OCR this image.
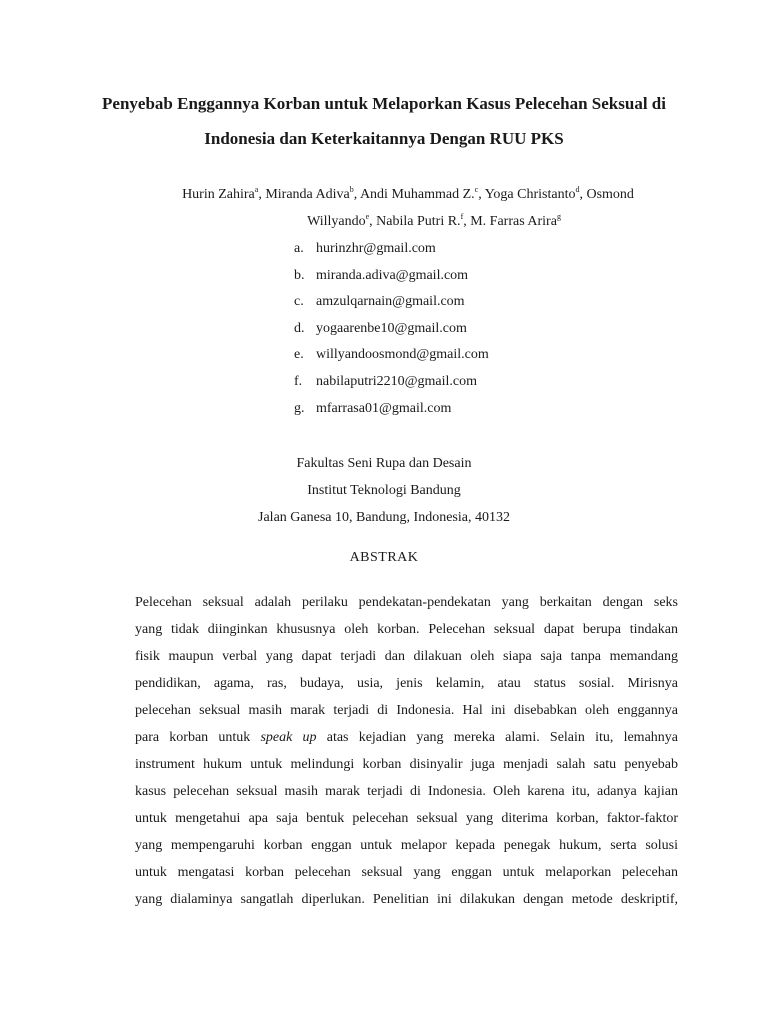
Penyebab Enggannya Korban untuk Melaporkan Kasus Pelecehan Seksual di
Indonesia dan Keterkaitannya Dengan RUU PKS
Hurin Zahira$^a$, Miranda Adiva$^b$, Andi Muhammad Z.$^c$, Yoga Christanto$^d$, Osmond
Willyando$^e$, Nabila Putri R.$^f$, M. Farras Arira$^g$
a. hurinzhr@gmail.com
b. miranda.adiva@gmail.com
c. amzulqarnain@gmail.com
d. yogaarenbe10@gmail.com
e. willyandoosmond@gmail.com
f. nabilaputri2210@gmail.com
g. mfarrasa01@gmail.com
Fakultas Seni Rupa dan Desain
Institut Teknologi Bandung
Jalan Ganesa 10, Bandung, Indonesia, 40132
ABSTRAK
Pelecehan seksual adalah perilaku pendekatan-pendekatan yang berkaitan dengan seks
yang tidak diinginkan khususnya oleh korban. Pelecehan seksual dapat berupa tindakan
fisik maupun verbal yang dapat terjadi dan dilakuan oleh siapa saja tanpa memandang
pendidikan, agama, ras, budaya, usia, jenis kelamin, atau status sosial. Mirisnya
pelecehan seksual masih marak terjadi di Indonesia. Hal ini disebabkan oleh enggannya
para korban untuk speak up atas kejadian yang mereka alami. Selain itu, lemahnya
instrument hukum untuk melindungi korban disinyalir juga menjadi salah satu penyebab
kasus pelecehan seksual masih marak terjadi di Indonesia. Oleh karena itu, adanya kajian
untuk mengetahui apa saja bentuk pelecehan seksual yang diterima korban, faktor-faktor
yang mempengaruhi korban enggan untuk melapor kepada penegak hukum, serta solusi
untuk mengatasi korban pelecehan seksual yang enggan untuk melaporkan pelecehan
yang dialaminya sangatlah diperlukan. Penelitian ini dilakukan dengan metode deskriptif,
